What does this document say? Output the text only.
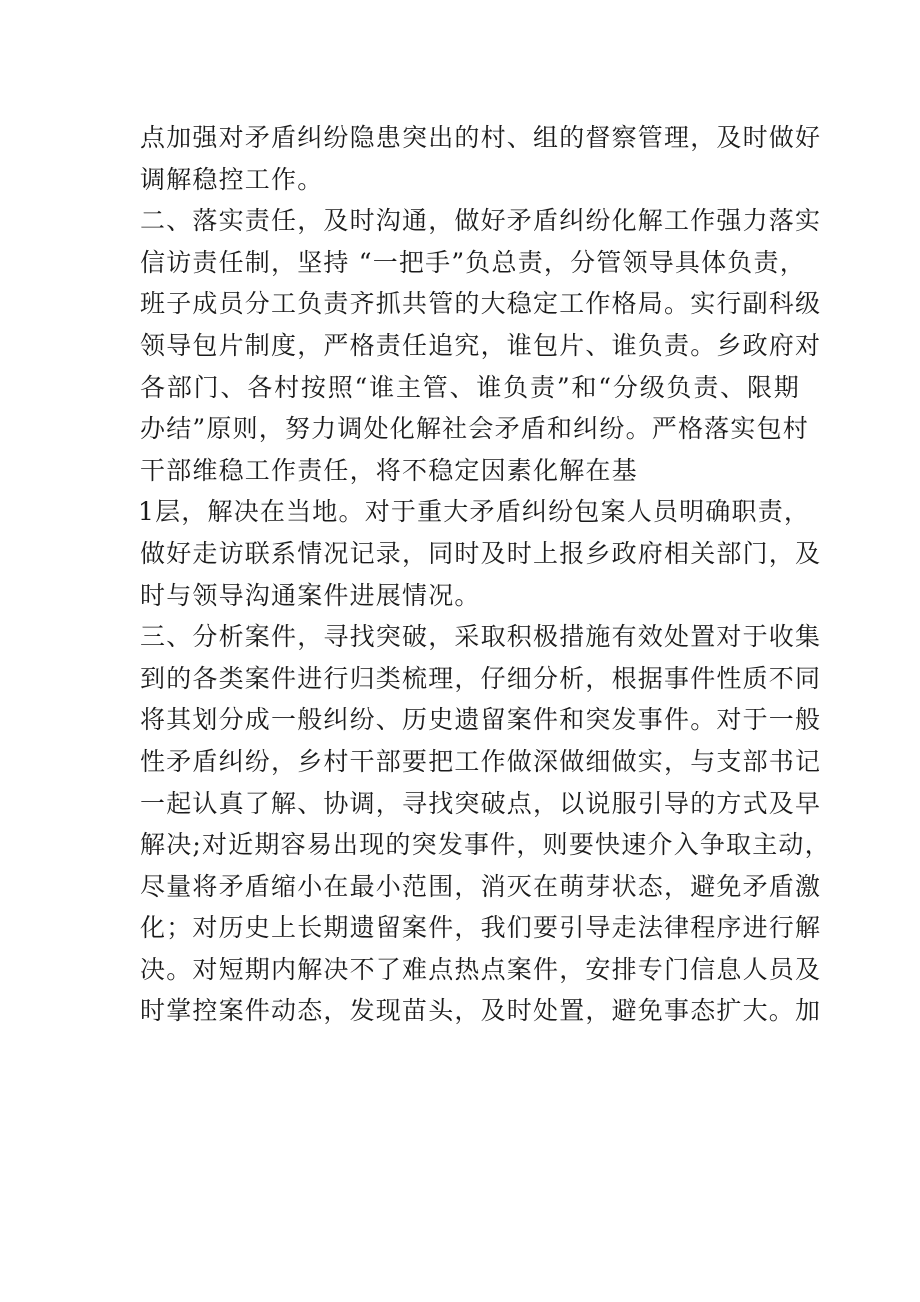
点加强对矛盾纠纷隐患突出的村、组的督察管理，及时做好
调解稳控工作。
二、落实责任，及时沟通，做好矛盾纠纷化解工作强力落实
信访责任制，坚持 “一把手”负总责，分管领导具体负责，
班子成员分工负责齐抓共管的大稳定工作格局。实行副科级
领导包片制度，严格责任追究，谁包片、谁负责。乡政府对
各部门、各村按照“谁主管、谁负责”和“分级负责、限期
办结”原则，努力调处化解社会矛盾和纠纷。严格落实包村
干部维稳工作责任，将不稳定因素化解在基
1层，解决在当地。对于重大矛盾纠纷包案人员明确职责，
做好走访联系情况记录，同时及时上报乡政府相关部门，及
时与领导沟通案件进展情况。
三、分析案件，寻找突破，采取积极措施有效处置对于收集
到的各类案件进行归类梳理，仔细分析，根据事件性质不同
将其划分成一般纠纷、历史遗留案件和突发事件。对于一般
性矛盾纠纷，乡村干部要把工作做深做细做实，与支部书记
一起认真了解、协调，寻找突破点，以说服引导的方式及早
解决;对近期容易出现的突发事件，则要快速介入争取主动，
尽量将矛盾缩小在最小范围，消灭在萌芽状态，避免矛盾激
化；对历史上长期遗留案件，我们要引导走法律程序进行解
决。对短期内解决不了难点热点案件，安排专门信息人员及
时掌控案件动态，发现苗头，及时处置，避免事态扩大。加
